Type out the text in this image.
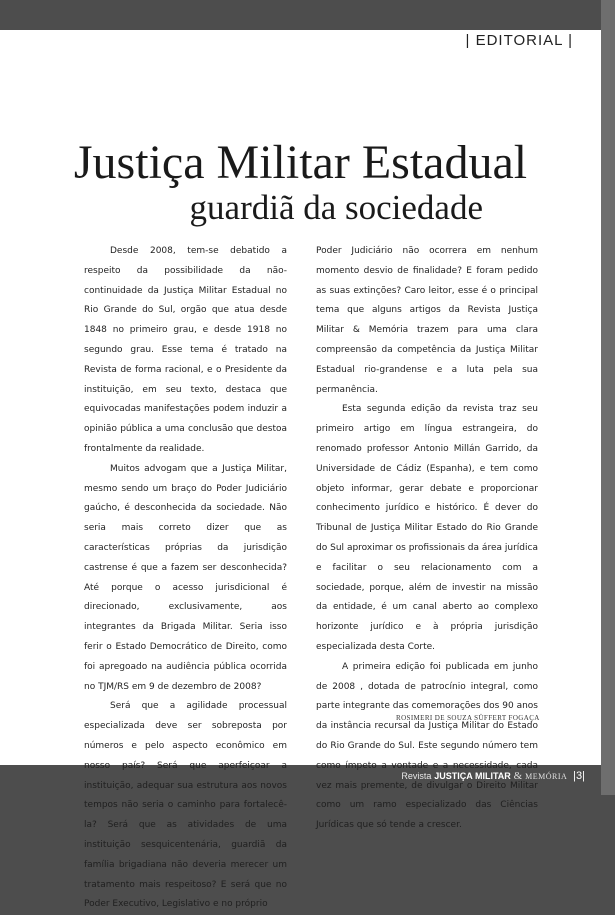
| EDITORIAL |
Justiça Militar Estadual
guardiã da sociedade

Desde 2008, tem-se debatido a respeito da possibilidade da não-continuidade da Justiça Militar Estadual no Rio Grande do Sul, orgão que atua desde 1848 no primeiro grau, e desde 1918 no segundo grau. Esse tema é tratado na Revista de forma racional, e o Presidente da instituição, em seu texto, destaca que equivocadas manifestações podem induzir a opinião pública a uma conclusão que destoa frontalmente da realidade.

Muitos advogam que a Justiça Militar, mesmo sendo um braço do Poder Judiciário gaúcho, é desconhecida da sociedade. Não seria mais correto dizer que as características próprias da jurisdição castrense é que a fazem ser desconhecida? Até porque o acesso jurisdicional é direcionado, exclusivamente, aos integrantes da Brigada Militar. Seria isso ferir o Estado Democrático de Direito, como foi apregoado na audiência pública ocorrida no TJM/RS em 9 de dezembro de 2008?

Será que a agilidade processual especializada deve ser sobreposta por números e pelo aspecto econômico em nosso país? Será que aperfeiçoar a instituição, adequar sua estrutura aos novos tempos não seria o caminho para fortalecê-la? Será que as atividades de uma instituição sesquicentenária, guardiã da família brigadiana não deveria merecer um tratamento mais respeitoso? E será que no Poder Executivo, Legislativo e no próprio

Poder Judiciário não ocorrera em nenhum momento desvio de finalidade? E foram pedido as suas extinções? Caro leitor, esse é o principal tema que alguns artigos da Revista Justiça Militar & Memória trazem para uma clara compreensão da competência da Justiça Militar Estadual rio-grandense e a luta pela sua permanência.

Esta segunda edição da revista traz seu primeiro artigo em língua estrangeira, do renomado professor Antonio Millán Garrido, da Universidade de Cádiz (Espanha), e tem como objeto informar, gerar debate e proporcionar conhecimento jurídico e histórico. É dever do Tribunal de Justiça Militar Estado do Rio Grande do Sul aproximar os profissionais da área jurídica e facilitar o seu relacionamento com a sociedade, porque, além de investir na missão da entidade, é um canal aberto ao complexo horizonte jurídico e à própria jurisdição especializada desta Corte.

A primeira edição foi publicada em junho de 2008 , dotada de patrocínio integral, como parte integrante das comemorações dos 90 anos da instância recursal da Justiça Militar do Estado do Rio Grande do Sul. Este segundo número tem como ímpeto a vontade e a necessidade, cada vez mais premente, de divulgar o Direito Militar como um ramo especializado das Ciências Jurídicas que só tende a crescer.

ROSIMERI DE SOUZA SÜFFERT FOGAÇA
Revista JUSTIÇA MILITAR & MEMÓRIA |3|
